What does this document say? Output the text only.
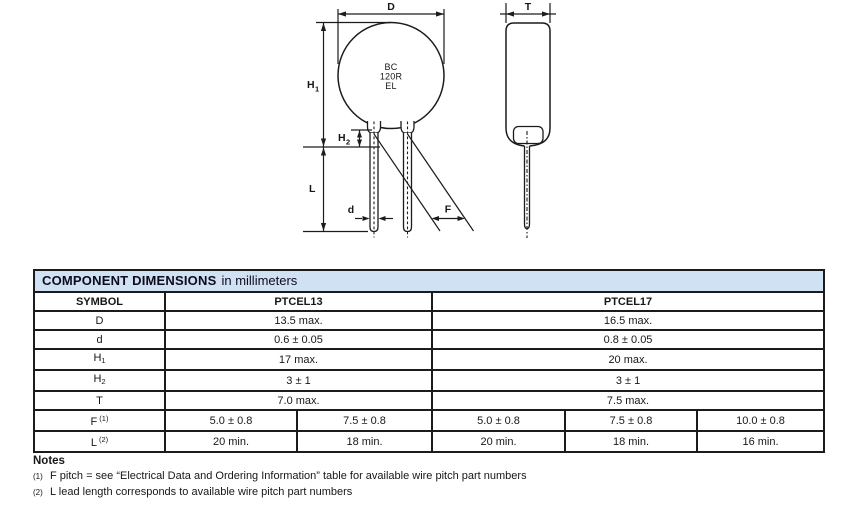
D	T
H 1
H 2
L
d	F
BC
120R
EL
COMPONENT DIMENSIONS in millimeters					
SYMBOL	PTCEL13		PTCEL17		
D	13.5 max.		16.5 max.		
d	0.6 ± 0.05		0.8 ± 0.05		
$H_1$	17 max.		20 max.		
$H_2$	3 ± 1		3 ± 1		
T	7.0 max.		7.5 max.		
F $^{(1)}$	5.0 ± 0.8	7.5 ± 0.8	5.0 ± 0.8	7.5 ± 0.8	10.0 ± 0.8
L $^{(2)}$	20 min.	18 min.	20 min.	18 min.	16 min.
Notes
(1) F pitch = see “Electrical Data and Ordering Information” table for available wire pitch part numbers
(2) L lead length corresponds to available wire pitch part numbers
